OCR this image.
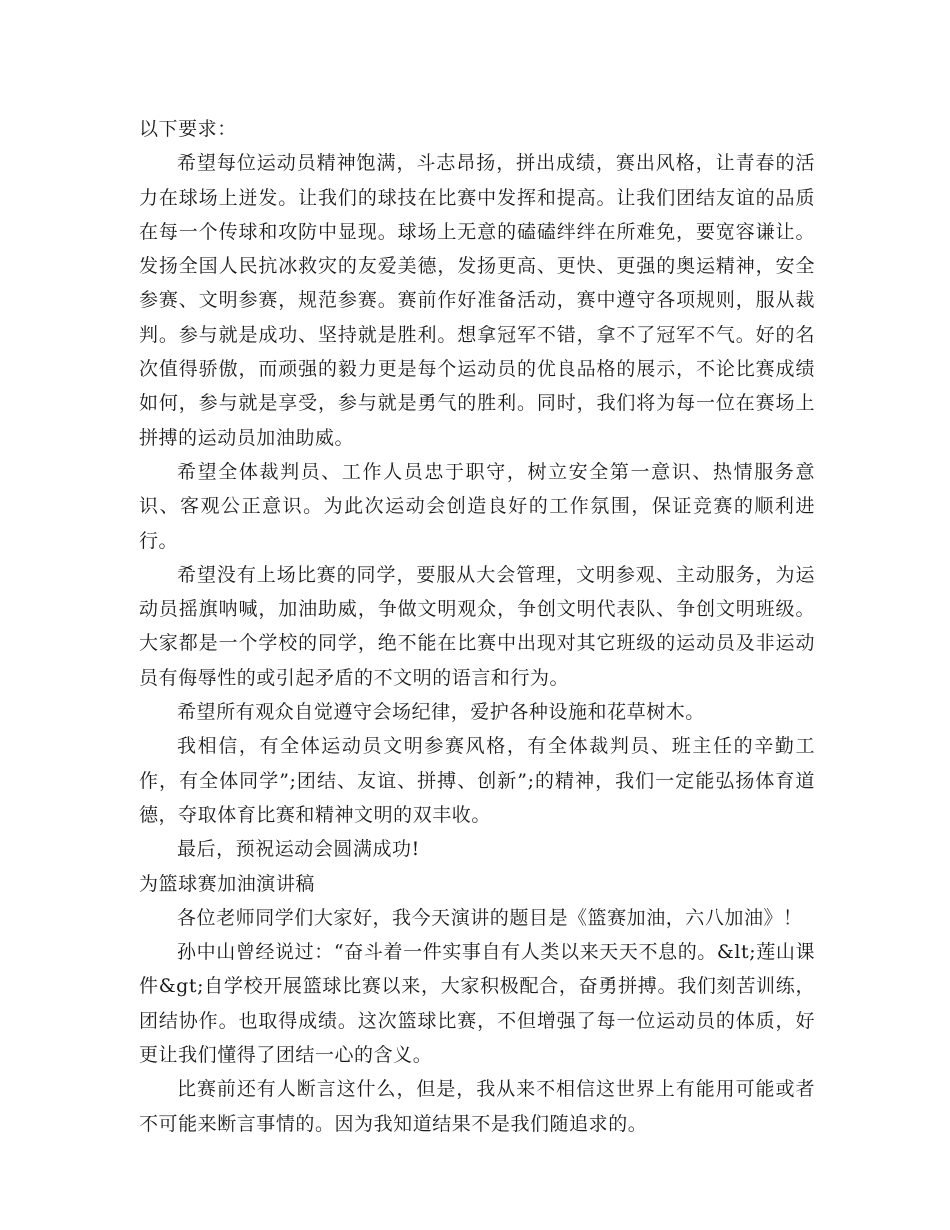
以下要求：

希望每位运动员精神饱满，斗志昂扬，拼出成绩，赛出风格，让青春的活力在球场上迸发。让我们的球技在比赛中发挥和提高。让我们团结友谊的品质在每一个传球和攻防中显现。球场上无意的磕磕绊绊在所难免，要宽容谦让。发扬全国人民抗冰救灾的友爱美德，发扬更高、更快、更强的奥运精神，安全参赛、文明参赛，规范参赛。赛前作好准备活动，赛中遵守各项规则，服从裁判。参与就是成功、坚持就是胜利。想拿冠军不错，拿不了冠军不气。好的名次值得骄傲，而顽强的毅力更是每个运动员的优良品格的展示，不论比赛成绩如何，参与就是享受，参与就是勇气的胜利。同时，我们将为每一位在赛场上拼搏的运动员加油助威。

希望全体裁判员、工作人员忠于职守，树立安全第一意识、热情服务意识、客观公正意识。为此次运动会创造良好的工作氛围，保证竞赛的顺利进行。

希望没有上场比赛的同学，要服从大会管理，文明参观、主动服务，为运动员摇旗呐喊，加油助威，争做文明观众，争创文明代表队、争创文明班级。大家都是一个学校的同学，绝不能在比赛中出现对其它班级的运动员及非运动员有侮辱性的或引起矛盾的不文明的语言和行为。

希望所有观众自觉遵守会场纪律，爱护各种设施和花草树木。

我相信，有全体运动员文明参赛风格，有全体裁判员、班主任的辛勤工作，有全体同学”;团结、友谊、拼搏、创新”;的精神，我们一定能弘扬体育道德，夺取体育比赛和精神文明的双丰收。

最后，预祝运动会圆满成功!

为篮球赛加油演讲稿

各位老师同学们大家好，我今天演讲的题目是《篮赛加油，六八加油》！

孙中山曾经说过：“奋斗着一件实事自有人类以来天天不息的。&lt;莲山课件&gt;自学校开展篮球比赛以来，大家积极配合，奋勇拼搏。我们刻苦训练，团结协作。也取得成绩。这次篮球比赛，不但增强了每一位运动员的体质，好更让我们懂得了团结一心的含义。

比赛前还有人断言这什么，但是，我从来不相信这世界上有能用可能或者不可能来断言事情的。因为我知道结果不是我们随追求的。
